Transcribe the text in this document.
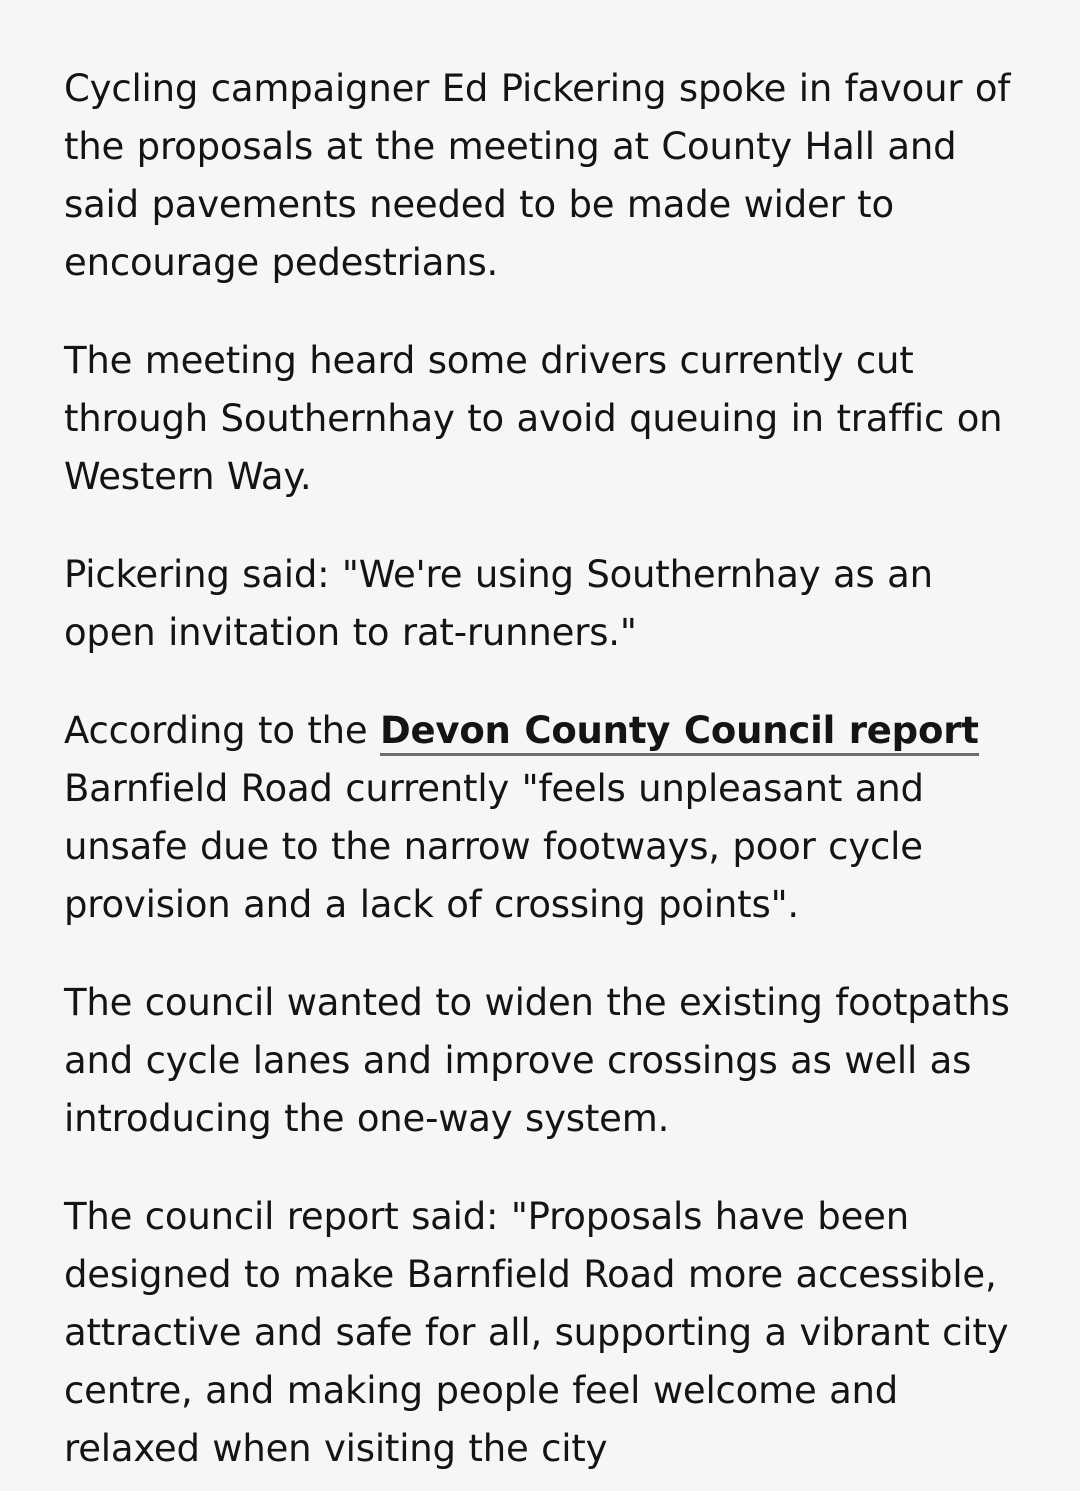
Cycling campaigner Ed Pickering spoke in favour of the proposals at the meeting at County Hall and said pavements needed to be made wider to encourage pedestrians.

The meeting heard some drivers currently cut through Southernhay to avoid queuing in traffic on Western Way.

Pickering said: "We're using Southernhay as an open invitation to rat-runners."

According to the Devon County Council report Barnfield Road currently "feels unpleasant and unsafe due to the narrow footways, poor cycle provision and a lack of crossing points".

The council wanted to widen the existing footpaths and cycle lanes and improve crossings as well as introducing the one-way system.

The council report said: "Proposals have been designed to make Barnfield Road more accessible, attractive and safe for all, supporting a vibrant city centre, and making people feel welcome and relaxed when visiting the city
